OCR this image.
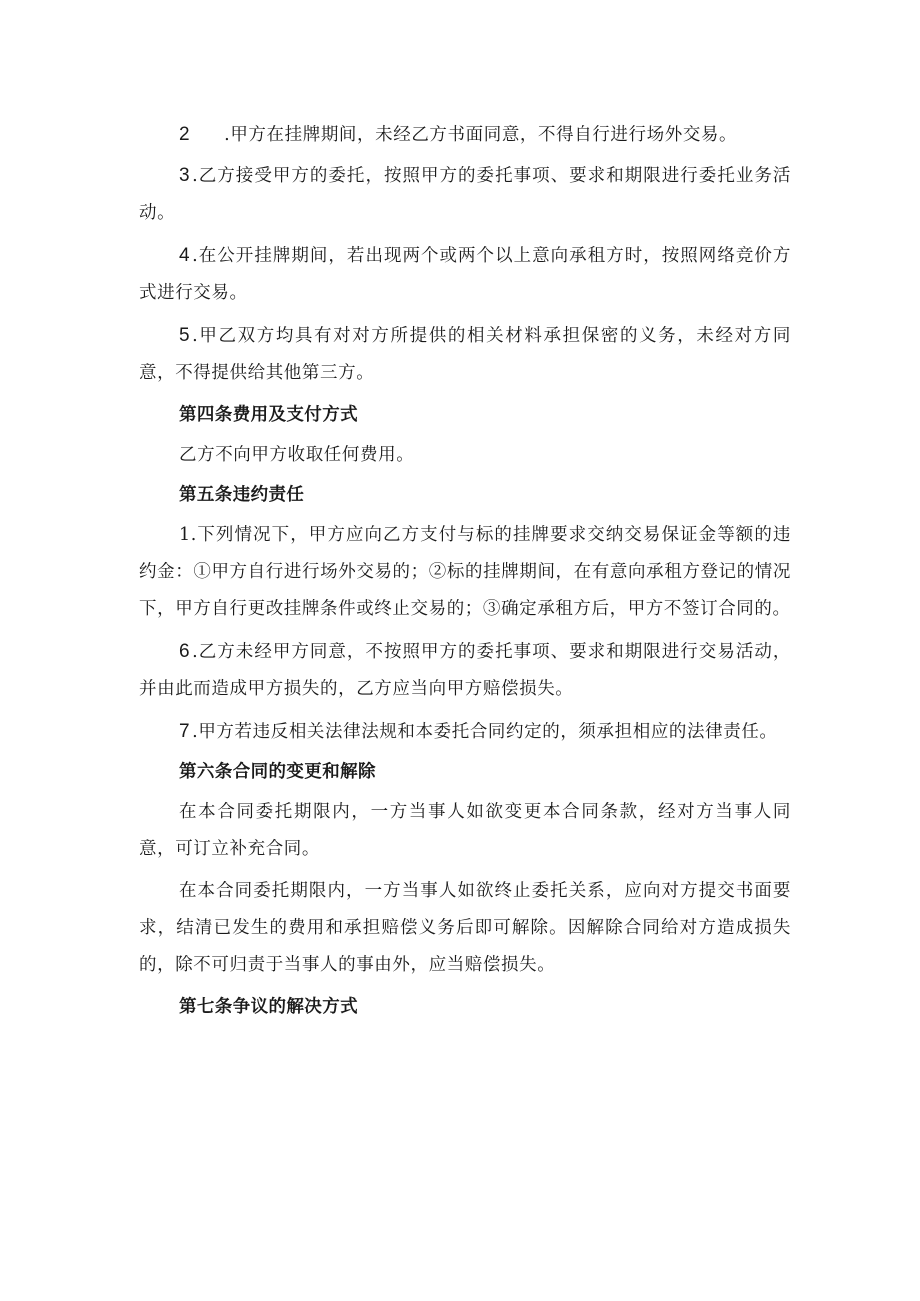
2 .甲方在挂牌期间，未经乙方书面同意，不得自行进行场外交易。

3 .乙方接受甲方的委托，按照甲方的委托事项、要求和期限进行委托业务活动。

4 .在公开挂牌期间，若出现两个或两个以上意向承租方时，按照网络竞价方式进行交易。

5 .甲乙双方均具有对对方所提供的相关材料承担保密的义务，未经对方同意，不得提供给其他第三方。

第四条费用及支付方式

乙方不向甲方收取任何费用。

第五条违约责任

1.下列情况下，甲方应向乙方支付与标的挂牌要求交纳交易保证金等额的违约金：①甲方自行进行场外交易的；②标的挂牌期间，在有意向承租方登记的情况下，甲方自行更改挂牌条件或终止交易的；③确定承租方后，甲方不签订合同的。

6 .乙方未经甲方同意，不按照甲方的委托事项、要求和期限进行交易活动，并由此而造成甲方损失的，乙方应当向甲方赔偿损失。

7 .甲方若违反相关法律法规和本委托合同约定的，须承担相应的法律责任。

第六条合同的变更和解除

在本合同委托期限内，一方当事人如欲变更本合同条款，经对方当事人同意，可订立补充合同。

在本合同委托期限内，一方当事人如欲终止委托关系，应向对方提交书面要求，结清已发生的费用和承担赔偿义务后即可解除。因解除合同给对方造成损失的，除不可归责于当事人的事由外，应当赔偿损失。

第七条争议的解决方式
